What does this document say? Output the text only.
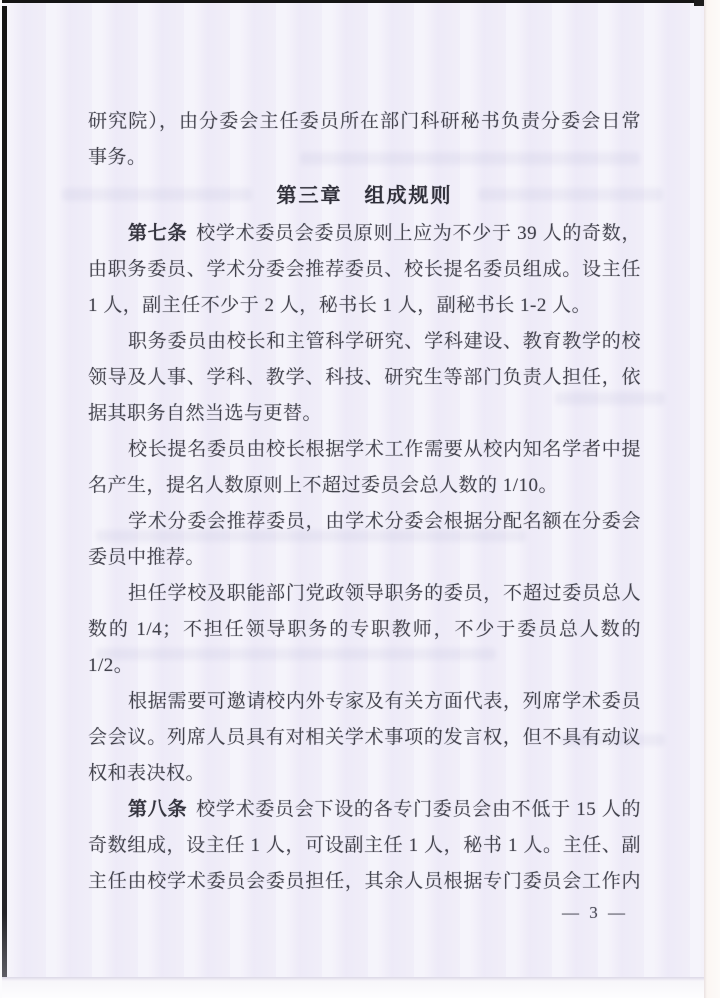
研究院），由分委会主任委员所在部门科研秘书负责分委会日常
事务。
第三章　组成规则
第七条 校学术委员会委员原则上应为不少于 39 人的奇数，
由职务委员、学术分委会推荐委员、校长提名委员组成。设主任
1 人，副主任不少于 2 人，秘书长 1 人，副秘书长 1-2 人。
职务委员由校长和主管科学研究、学科建设、教育教学的校
领导及人事、学科、教学、科技、研究生等部门负责人担任，依
据其职务自然当选与更替。
校长提名委员由校长根据学术工作需要从校内知名学者中提
名产生，提名人数原则上不超过委员会总人数的 1/10。
学术分委会推荐委员，由学术分委会根据分配名额在分委会
委员中推荐。
担任学校及职能部门党政领导职务的委员，不超过委员总人
数的 1/4；不担任领导职务的专职教师，不少于委员总人数的
1/2。
根据需要可邀请校内外专家及有关方面代表，列席学术委员
会会议。列席人员具有对相关学术事项的发言权，但不具有动议
权和表决权。
第八条 校学术委员会下设的各专门委员会由不低于 15 人的
奇数组成，设主任 1 人，可设副主任 1 人，秘书 1 人。主任、副
主任由校学术委员会委员担任，其余人员根据专门委员会工作内
— 3 —
